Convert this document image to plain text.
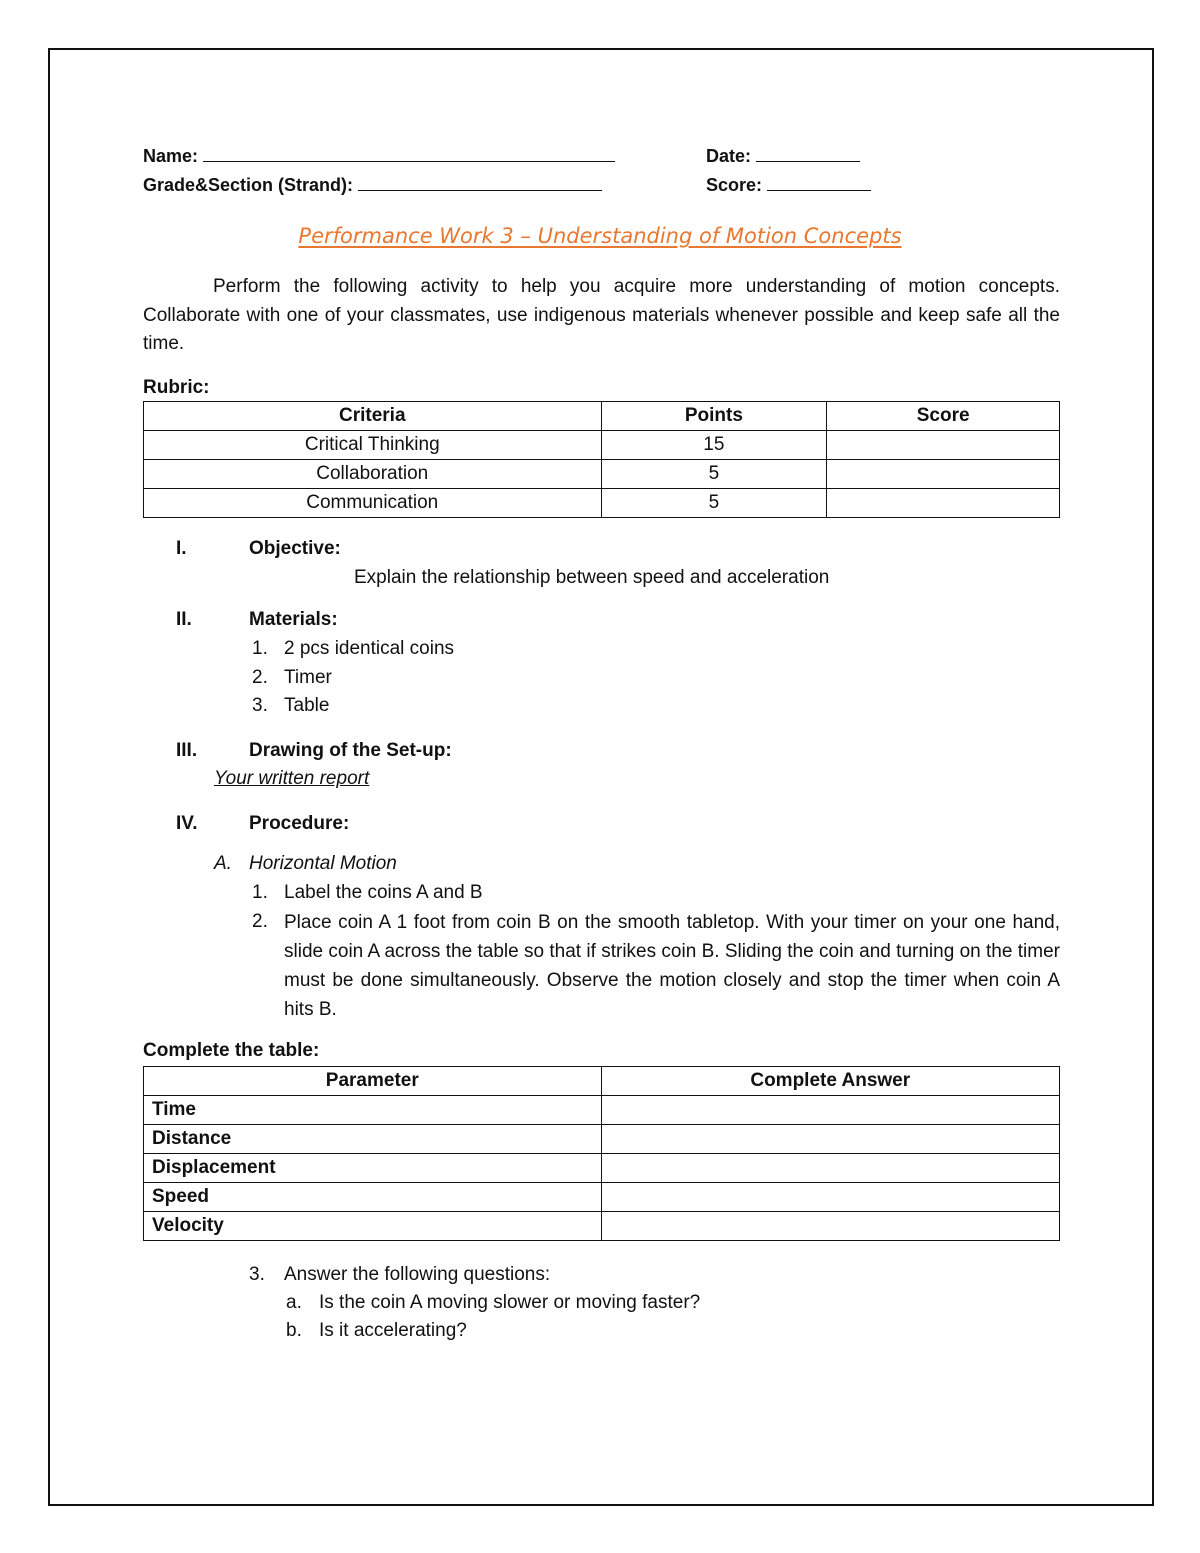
Name:	Date:
Grade&Section (Strand):	Score:
Performance Work 3 – Understanding of Motion Concepts
Perform the following activity to help you acquire more understanding of motion concepts. Collaborate with one of your classmates, use indigenous materials whenever possible and keep safe all the time.
Rubric:
Criteria	Points	Score
Critical Thinking	15	
Collaboration	5	
Communication	5	
I.	Objective:
Explain the relationship between speed and acceleration
II.	Materials:
1. 2 pcs identical coins
2. Timer
3. Table
III.	Drawing of the Set-up:
Your written report
IV.	Procedure:
A. Horizontal Motion
1. Label the coins A and B
2. Place coin A 1 foot from coin B on the smooth tabletop. With your timer on your one hand, slide coin A across the table so that if strikes coin B. Sliding the coin and turning on the timer must be done simultaneously. Observe the motion closely and stop the timer when coin A hits B.
Complete the table:
Parameter	Complete Answer
Time	
Distance	
Displacement	
Speed	
Velocity	
3. Answer the following questions:
a. Is the coin A moving slower or moving faster?
b. Is it accelerating?
